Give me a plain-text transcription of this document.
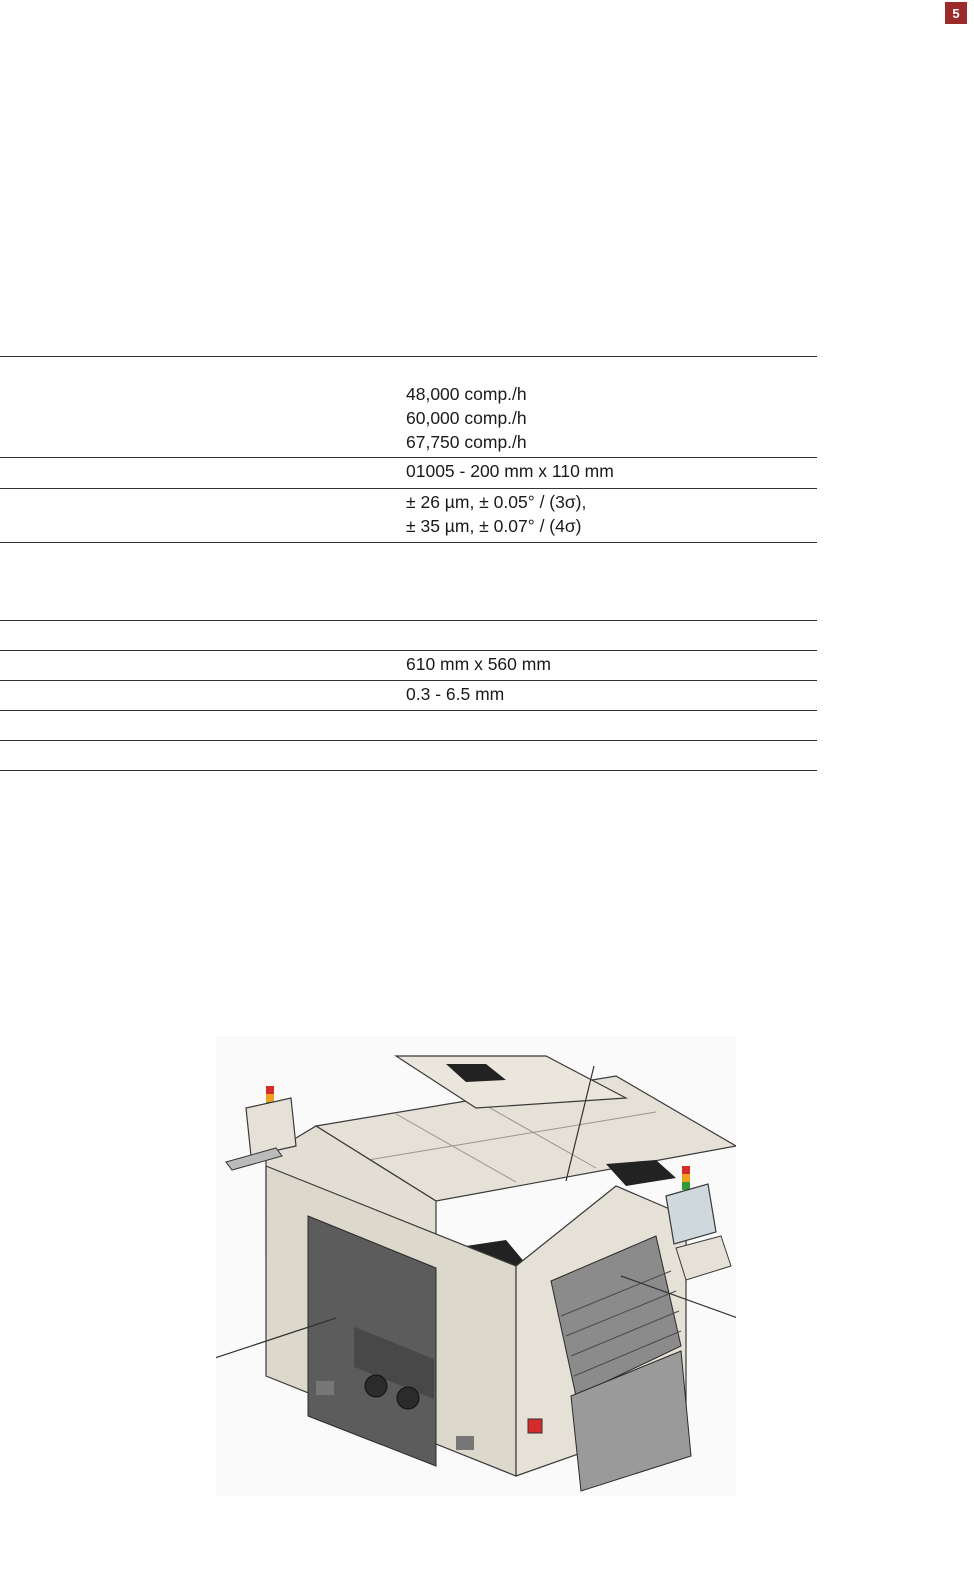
5
48,000 comp./h
60,000 comp./h
67,750 comp./h
01005 - 200 mm x 110 mm
± 26 µm, ± 0.05° / (3σ),
± 35 µm, ± 0.07° / (4σ)
610 mm x 560 mm
0.3 - 6.5 mm
